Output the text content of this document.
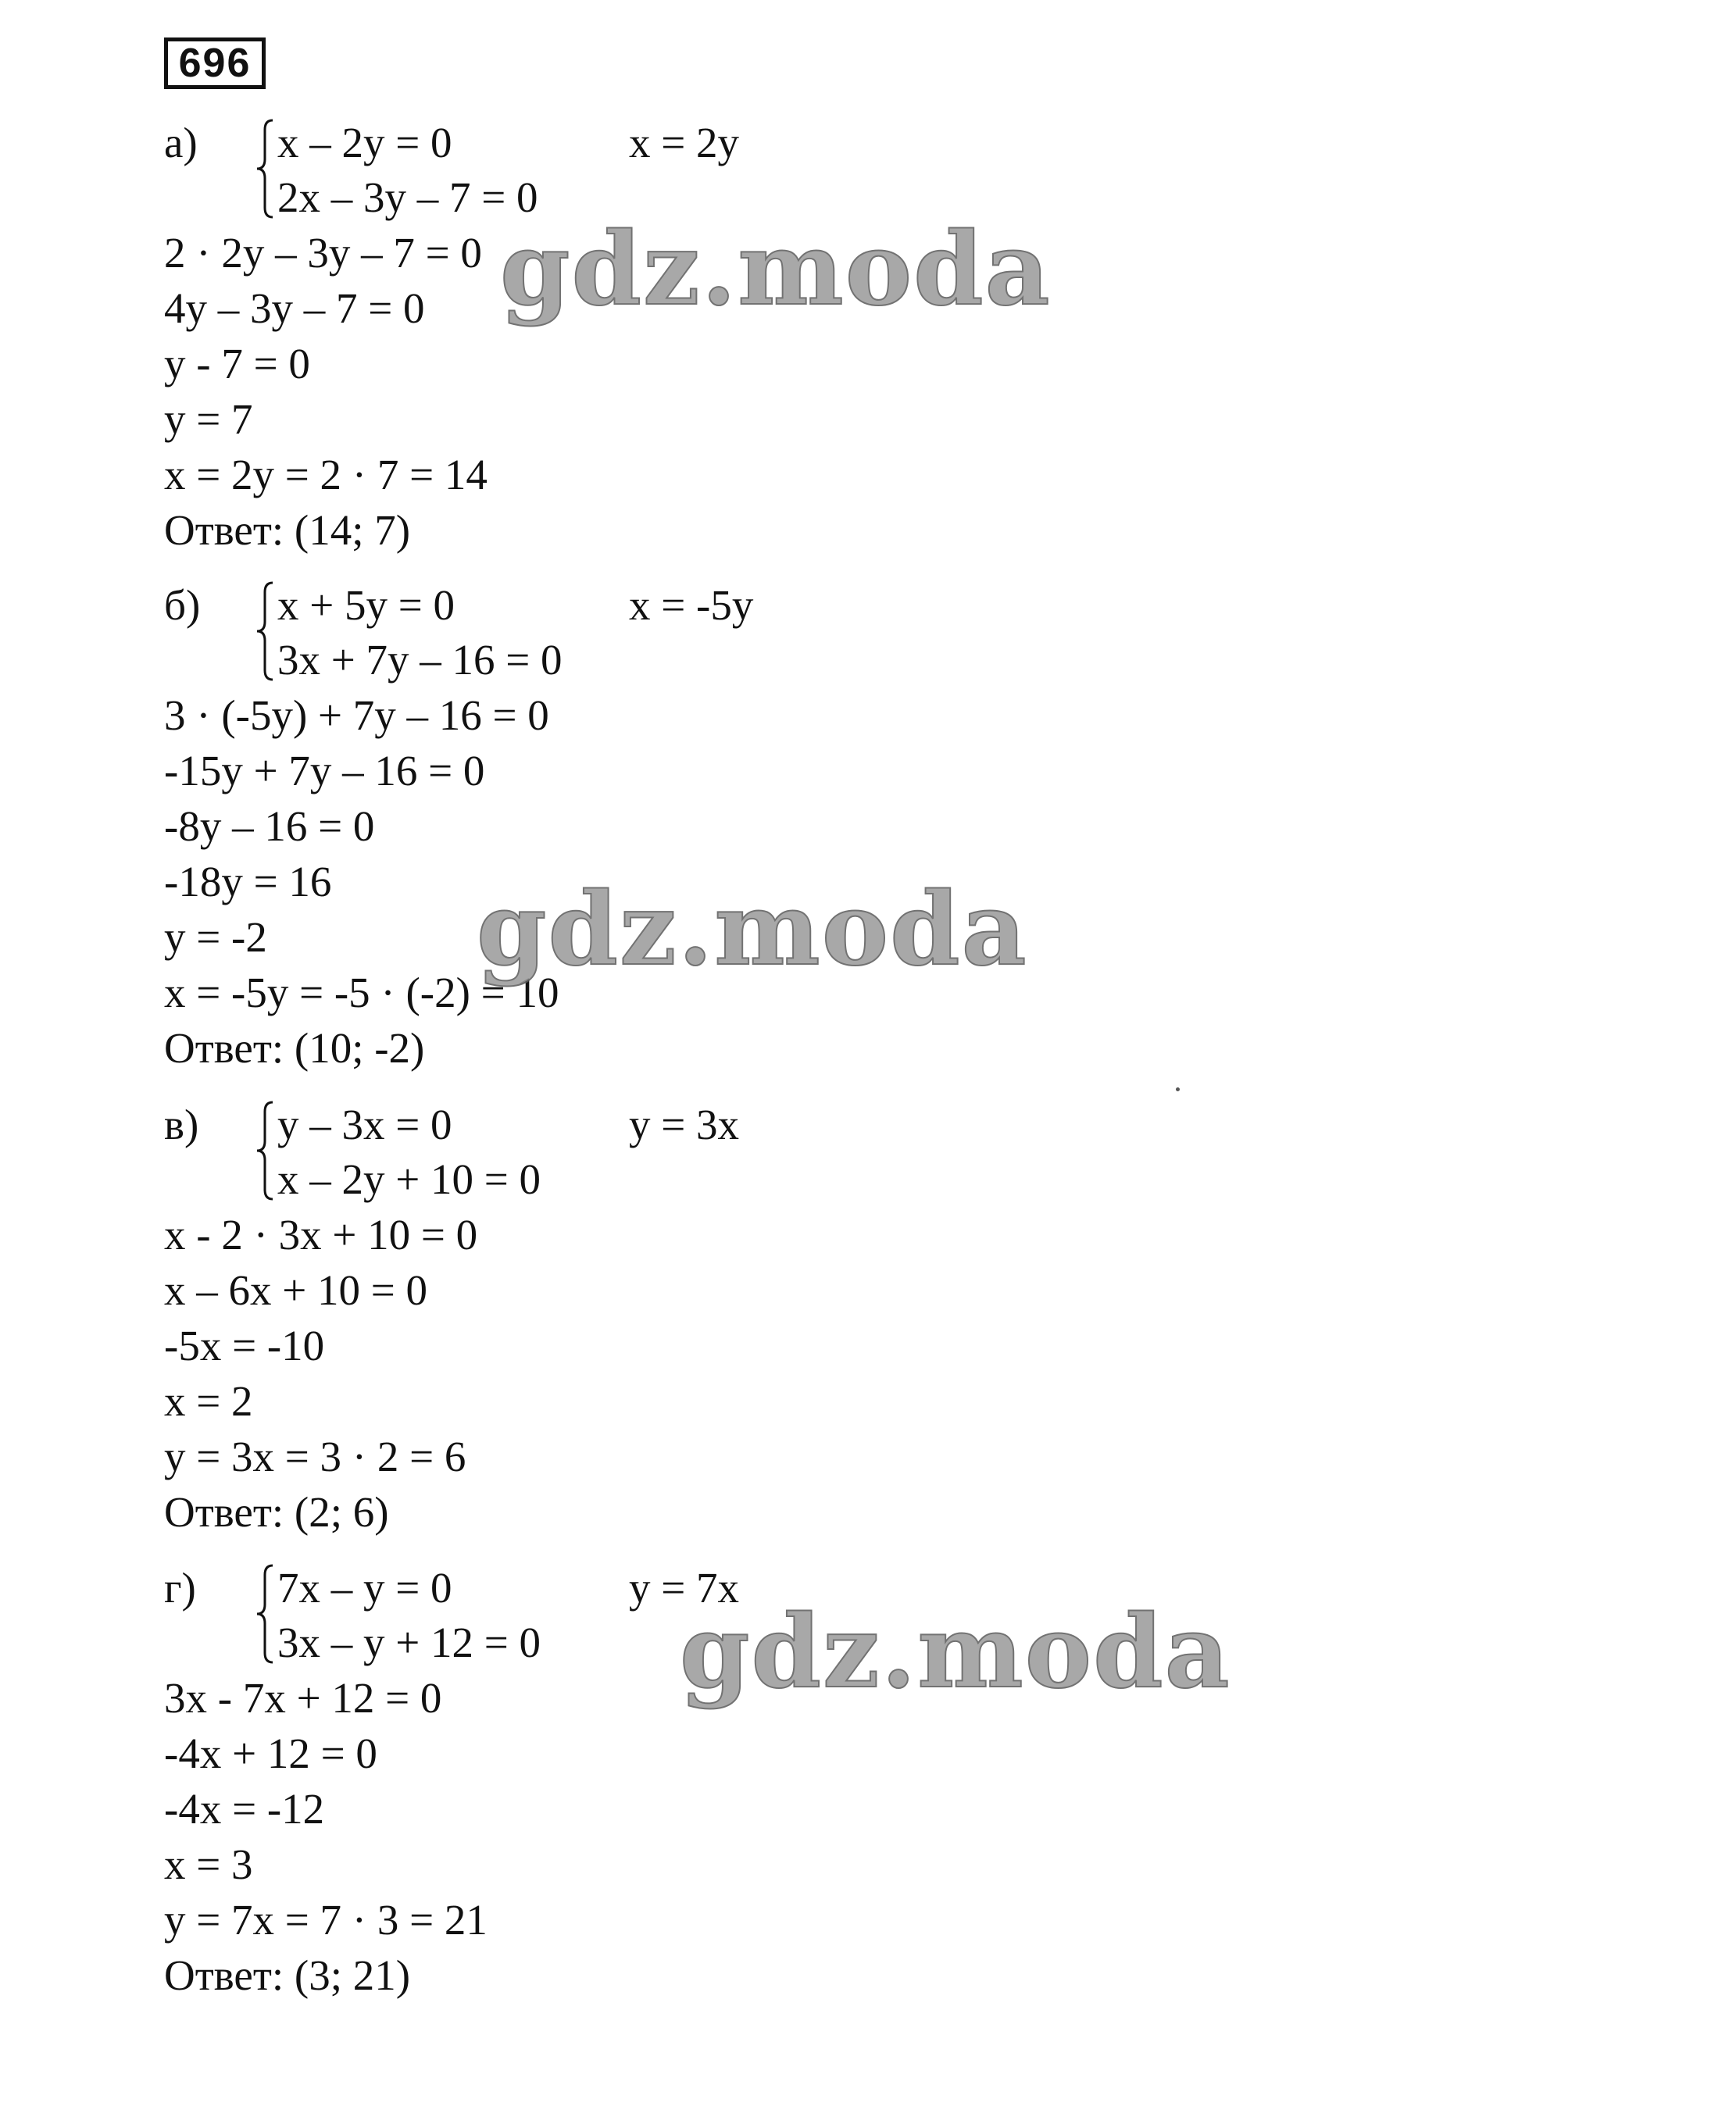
696
а) x – 2y = 0
2x – 3y – 7 = 0
x = 2y
2 · 2y – 3y – 7 = 0
4y – 3y – 7 = 0
y - 7 = 0
y = 7
x = 2y = 2 · 7 = 14
Ответ: (14; 7)
б) x + 5y = 0
3x + 7y – 16 = 0
x = -5y
3 · (-5y) + 7y – 16 = 0
-15y + 7y – 16 = 0
-8y – 16 = 0
-18y = 16
y = -2
x = -5y = -5 · (-2) = 10
Ответ: (10; -2)
в) y – 3x = 0
x – 2y + 10 = 0
y = 3x
x - 2 · 3x + 10 = 0
x – 6x + 10 = 0
-5x = -10
x = 2
y = 3x = 3 · 2 = 6
Ответ: (2; 6)
г) 7x – y = 0
3x – y + 12 = 0
y = 7x
3x - 7x + 12 = 0
-4x + 12 = 0
-4x = -12
x = 3
y = 7x = 7 · 3 = 21
Ответ: (3; 21)
gdz.moda
gdz.moda
gdz.moda
